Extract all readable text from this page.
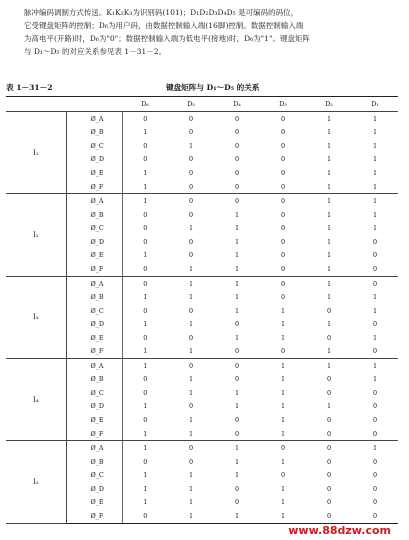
脉冲编码调制方式传送。K₁K₂K₃为识别码(101)；D₁D₂D₃D₄D₅ 是可编码的码位，
它受键盘矩阵的控制；D₆为用户码，由数据控制输入端(16脚)控制。数据控制输入端
为高电平(开路)时，D₆为"0"；数据控制输入端为低电平(接地)时，D₆为"1"。键盘矩阵
与 D₁～D₅ 的对应关系参见表 1－31－2。
表 1－31－2	键盘矩阵与 D₁～D₅ 的关系
		D₆	D₅	D₄	D₃	D₂	D₁
I₁	Ø_A	0	0	0	0	1	1
	Ø_B	1	0	0	0	1	1
	Ø_C	0	1	0	0	1	1
	Ø_D	0	0	0	0	1	1
	Ø_E	1	0	0	0	1	1
	Ø_F	1	0	0	0	1	1
I₂	Ø_A	1	0	0	0	1	1
	Ø_B	0	0	1	0	1	1
	Ø_C	0	1	1	0	1	1
	Ø_D	0	0	1	0	1	0
	Ø_E	1	0	1	0	1	0
	Ø_F	0	1	1	0	1	0
I₃	Ø_A	0	1	1	0	1	0
	Ø_B	1	1	1	0	1	1
	Ø_C	0	0	1	1	0	1
	Ø_D	1	1	0	1	1	0
	Ø_E	0	0	1	1	0	1
	Ø_F	1	1	0	0	1	0
I₄	Ø_A	1	0	0	1	1	1
	Ø_B	0	1	0	1	0	1
	Ø_C	0	1	1	1	0	0
	Ø_D	1	0	1	1	1	0
	Ø_E	0	1	0	1	0	0
	Ø_F	1	1	0	1	0	0
I₅	Ø_A	1	0	1	0	0	1
	Ø_B	0	0	1	1	0	0
	Ø_C	1	1	1	0	0	0
	Ø_D	1	1	0	1	0	0
	Ø_E	1	1	0	1	0	0
	Ø_F	0	1	1	1	0	0
www.88dzw.com
